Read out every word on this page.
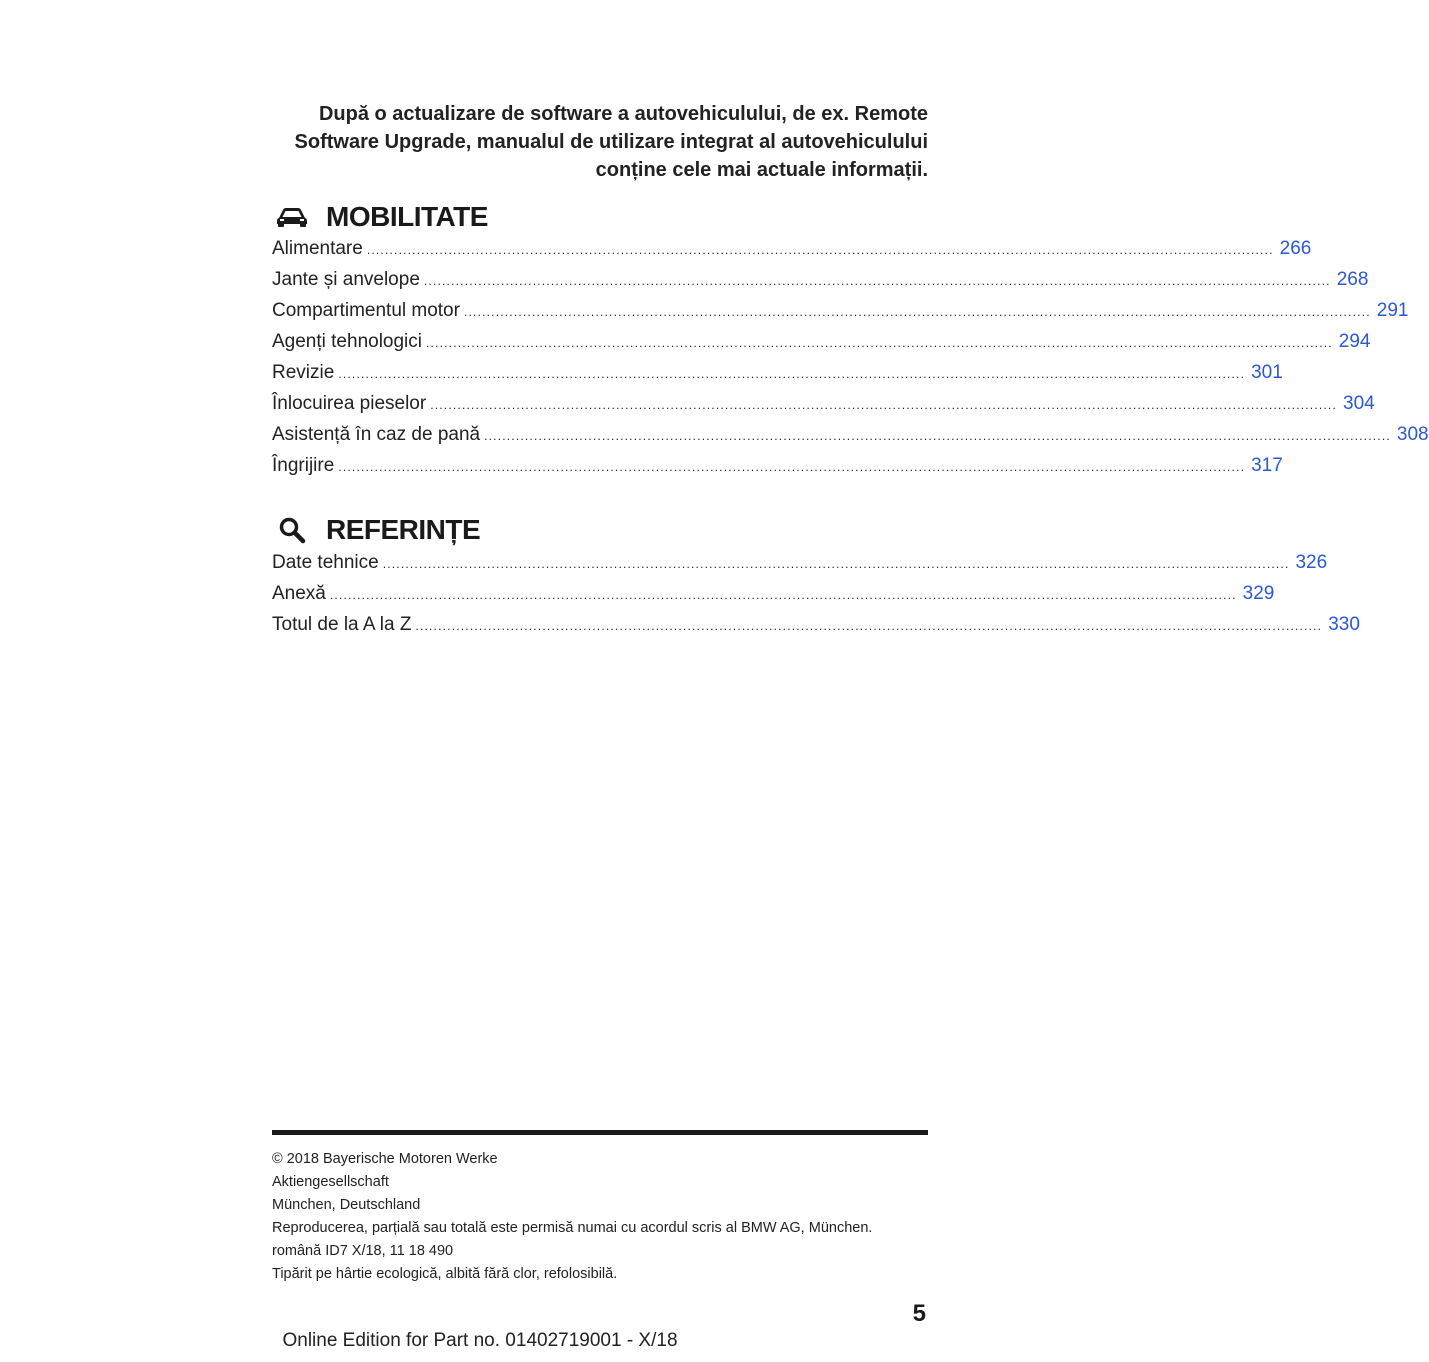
După o actualizare de software a autovehiculului, de ex. Remote
Software Upgrade, manualul de utilizare integrat al autovehiculului
conține cele mai actuale informații.
MOBILITATE
Alimentare ........................................................................................................................................................................................................ 266
Jante și anvelope ........................................................................................................................................................................................................ 268
Compartimentul motor ........................................................................................................................................................................................................ 291
Agenți tehnologici ........................................................................................................................................................................................................ 294
Revizie ........................................................................................................................................................................................................ 301
Înlocuirea pieselor ........................................................................................................................................................................................................ 304
Asistență în caz de pană ........................................................................................................................................................................................................ 308
Îngrijire ........................................................................................................................................................................................................ 317
REFERINȚE
Date tehnice ........................................................................................................................................................................................................ 326
Anexă ........................................................................................................................................................................................................ 329
Totul de la A la Z ........................................................................................................................................................................................................ 330
© 2018 Bayerische Motoren Werke
Aktiengesellschaft
München, Deutschland
Reproducerea, parțială sau totală este permisă numai cu acordul scris al BMW AG, München.
română ID7 X/18, 11 18 490
Tipărit pe hârtie ecologică, albită fără clor, refolosibilă.
5
Online Edition for Part no. 01402719001 - X/18
